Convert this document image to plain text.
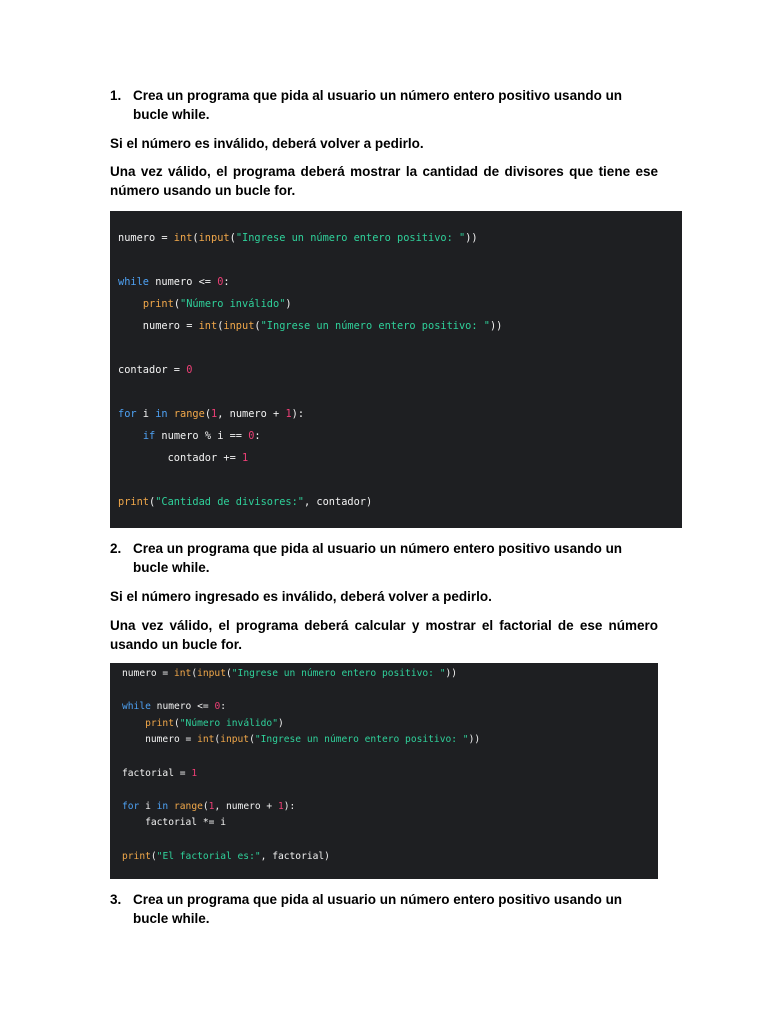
1. Crea un programa que pida al usuario un número entero positivo usando un bucle while.
Si el número es inválido, deberá volver a pedirlo.
Una vez válido, el programa deberá mostrar la cantidad de divisores que tiene ese número usando un bucle for.
numero = int(input("Ingrese un número entero positivo: "))
while numero <= 0:
print("Número inválido")
numero = int(input("Ingrese un número entero positivo: "))
contador = 0
for i in range(1, numero + 1):
if numero % i == 0:
contador += 1
print("Cantidad de divisores:", contador)
2. Crea un programa que pida al usuario un número entero positivo usando un bucle while.
Si el número ingresado es inválido, deberá volver a pedirlo.
Una vez válido, el programa deberá calcular y mostrar el factorial de ese número usando un bucle for.
numero = int(input("Ingrese un número entero positivo: "))
while numero <= 0:
print("Número inválido")
numero = int(input("Ingrese un número entero positivo: "))
factorial = 1
for i in range(1, numero + 1):
factorial *= i
print("El factorial es:", factorial)
3. Crea un programa que pida al usuario un número entero positivo usando un bucle while.
